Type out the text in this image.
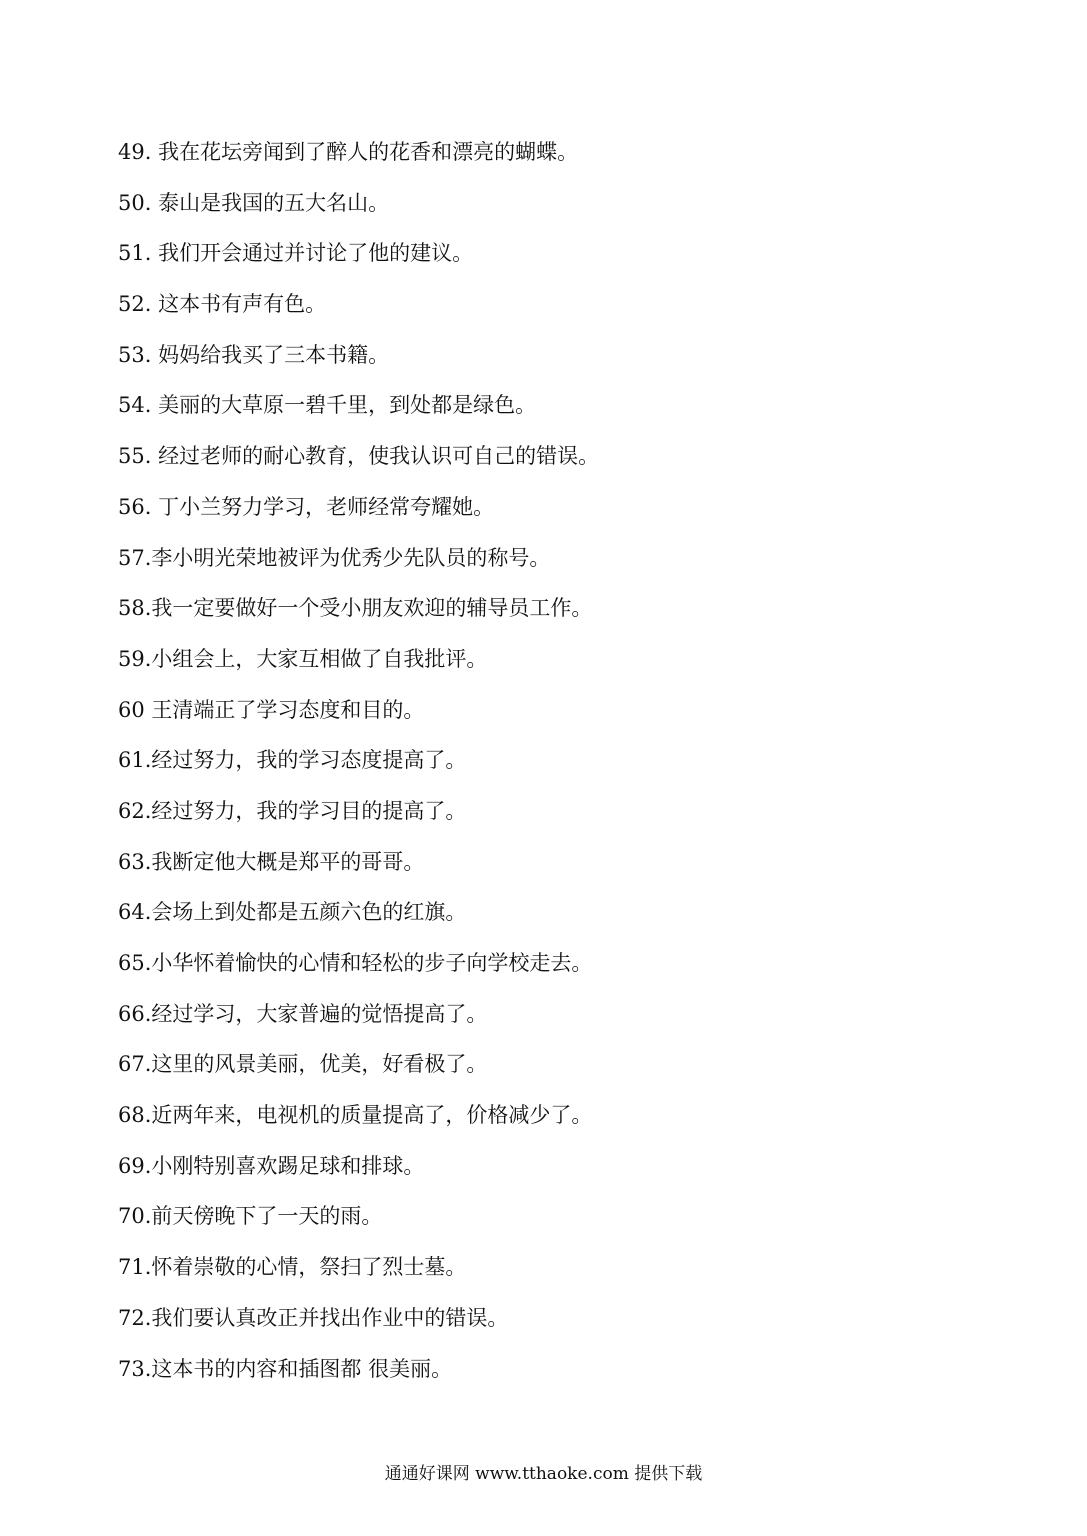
49. 我在花坛旁闻到了醉人的花香和漂亮的蝴蝶。
50. 泰山是我国的五大名山。
51. 我们开会通过并讨论了他的建议。
52. 这本书有声有色。
53. 妈妈给我买了三本书籍。
54. 美丽的大草原一碧千里，到处都是绿色。
55. 经过老师的耐心教育，使我认识可自己的错误。
56. 丁小兰努力学习，老师经常夸耀她。
57.李小明光荣地被评为优秀少先队员的称号。
58.我一定要做好一个受小朋友欢迎的辅导员工作。
59.小组会上，大家互相做了自我批评。
60 王清端正了学习态度和目的。
61.经过努力，我的学习态度提高了。
62.经过努力，我的学习目的提高了。
63.我断定他大概是郑平的哥哥。
64.会场上到处都是五颜六色的红旗。
65.小华怀着愉快的心情和轻松的步子向学校走去。
66.经过学习，大家普遍的觉悟提高了。
67.这里的风景美丽，优美，好看极了。
68.近两年来，电视机的质量提高了，价格减少了。
69.小刚特别喜欢踢足球和排球。
70.前天傍晚下了一天的雨。
71.怀着崇敬的心情，祭扫了烈士墓。
72.我们要认真改正并找出作业中的错误。
73.这本书的内容和插图都 很美丽。
通通好课网 www.tthaoke.com 提供下载
